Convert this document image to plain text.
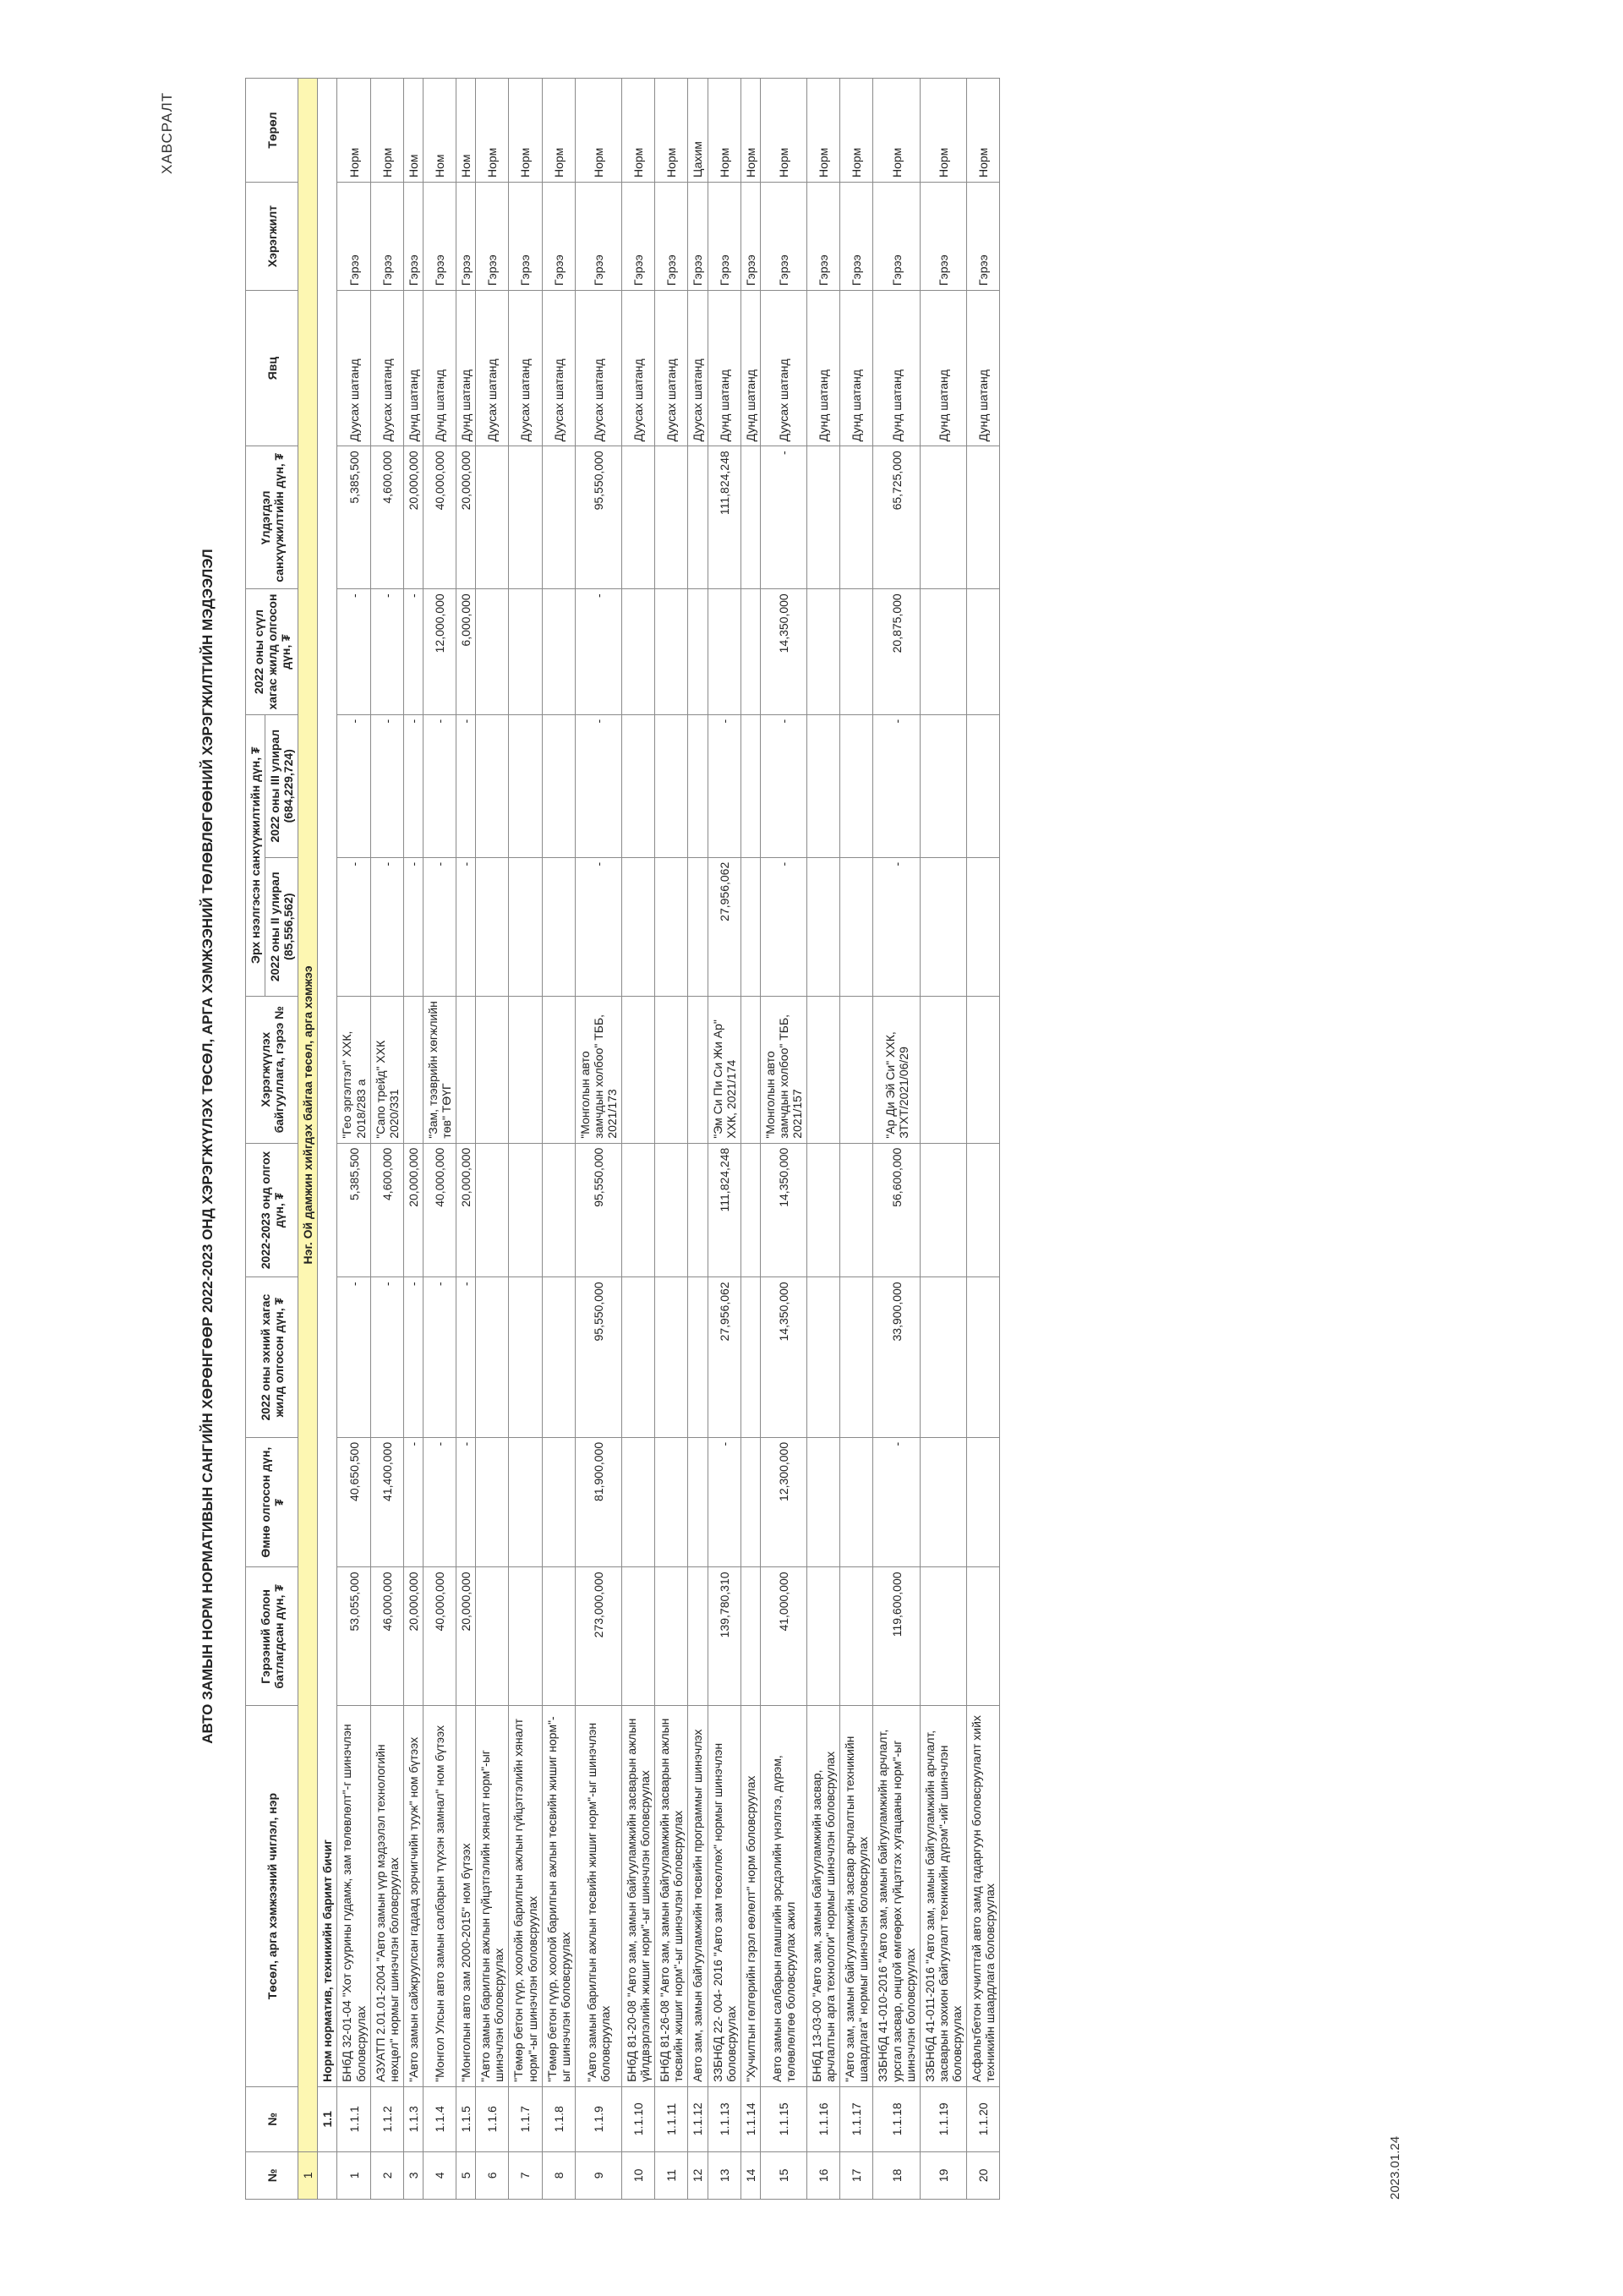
2023.01.24
ХАВСРАЛТ
АВТО ЗАМЫН НОРМ НОРМАТИВЫН САНГИЙН ХӨРӨНГӨӨР 2022-2023 ОНД ХЭРЭГЖҮҮЛЭХ ТӨСӨЛ, АРГА ХЭМЖЭЭНИЙ ТӨЛӨВЛӨГӨӨНИЙ ХЭРЭГЖИЛТИЙН МЭДЭЭЛЭЛ
№	№	Төсөл, арга хэмжээний чиглэл, нэр	Гэрээний болон батлагдсан дүн, ₮	Өмнө олгосон дүн, ₮	2022 оны эхний хагас жилд олгосон дүн, ₮	2022-2023 онд олгох дүн, ₮	Хэрэгжүүлэх байгууллага, гэрээ №	Эрх нээлгэсэн санхүүжилтийн дүн, ₮		2022 оны сүүл хагас жилд олгосон дүн, ₮	Үлдэгдэл санхүүжилтийн дүн, ₮	Явц	Хэрэгжилт	Төрөл
								2022 оны II улирал (85,556,562)	2022 оны III улирал (684,229,724)					
1	Нэг. Ой дамжин хийгдэх байгаа төсөл, арга хэмжээ													
	1.1	Норм норматив, техникийн баримт бичиг												
1	1.1.1	БНбД 32-01-04 "Хот суурины гудамж, зам төлөвлөлт"-г шинэчлэн боловсруулах	53,055,000	40,650,500	-	5,385,500	"Гео эргэлтэл" ХХК, 2018/283 а	-	-	-	5,385,500	Дуусах шатанд	Гэрээ	Норм
2	1.1.2	АЗУАТП 2.01.01-2004 "Авто замын үүр мэдээлэл технологийн нөхцөл" нормыг шинэчлэн боловсруулах	46,000,000	41,400,000	-	4,600,000	"Сапо трейд" ХХК 2020/331	-	-	-	4,600,000	Дуусах шатанд	Гэрээ	Норм
3	1.1.3	"Авто замын сайжруулсан гадаад зорчигчийн тууж" ном бүтээх	20,000,000	-	-	20,000,000		-	-	-	20,000,000	Дунд шатанд	Гэрээ	Ном
4	1.1.4	"Монгол Улсын авто замын салбарын түүхэн замнал" ном бүтээх	40,000,000	-	-	40,000,000	"Зам, тээврийн хөгжлийн төв" ТӨҮГ	-	-	12,000,000	40,000,000	Дунд шатанд	Гэрээ	Ном
5	1.1.5	"Монголын авто зам 2000-2015" ном бүтээх	20,000,000	-	-	20,000,000		-	-	6,000,000	20,000,000	Дунд шатанд	Гэрээ	Ном
6	1.1.6	"Авто замын барилгын ажлын гүйцэтгэлийн хяналт норм"-ыг шинэчлэн боловсруулах										Дуусах шатанд	Гэрээ	Норм
7	1.1.7	"Төмөр бетон гүүр, хоолойн барилгын ажлын гүйцэтгэлийн хяналт норм"-ыг шинэчлэн боловсруулах										Дуусах шатанд	Гэрээ	Норм
8	1.1.8	"Төмөр бетон гүүр, хоолой барилгын ажлын төсвийн жишиг норм"-ыг шинэчлэн боловсруулах										Дуусах шатанд	Гэрээ	Норм
9	1.1.9	"Авто замын барилгын ажлын төсвийн жишиг норм"-ыг шинэчлэн боловсруулах	273,000,000	81,900,000	95,550,000	95,550,000	"Монголын авто замчдын холбоо" ТББ, 2021/173	-	-	-	95,550,000	Дуусах шатанд	Гэрээ	Норм
10	1.1.10	БНбД 81-20-08 "Авто зам, замын байгууламжийн засварын ажлын үйлдвэрлэлийн жишиг норм"-ыг шинэчлэн боловсруулах										Дуусах шатанд	Гэрээ	Норм
11	1.1.11	БНбД 81-26-08 "Авто зам, замын байгууламжийн засварын ажлын төсвийн жишиг норм"-ыг шинэчлэн боловсруулах										Дуусах шатанд	Гэрээ	Норм
12	1.1.12	Авто зам, замын байгууламжийн төсвийн программыг шинэчлэх										Дуусах шатанд	Гэрээ	Цахим
13	1.1.13	ЗЗБНбД 22- 004- 2016 "Авто зам төсөллөх" нормыг шинэчлэн боловсруулах	139,780,310	-	27,956,062	111,824,248	"Эм Си Пи Си Жи Ар" ХХК, 2021/174	27,956,062	-		111,824,248	Дунд шатанд	Гэрээ	Норм
14	1.1.14	"Хучилтын гөлгөрийн гэрэл өөлөлт" норм боловсруулах										Дунд шатанд	Гэрээ	Норм
15	1.1.15	Авто замын салбарын гамшгийн эрсдэлийн үнэлгээ, дүрэм, төлөвлөлгөө боловсруулах ажил	41,000,000	12,300,000	14,350,000	14,350,000	"Монголын авто замчдын холбоо" ТББ, 2021/157	-	-	14,350,000	-	Дуусах шатанд	Гэрээ	Норм
16	1.1.16	БНбД 13-03-00 "Авто зам, замын байгууламжийн засвар, арчлалтын арга технологи" нормыг шинэчлэн боловсруулах										Дунд шатанд	Гэрээ	Норм
17	1.1.17	"Авто зам, замын байгууламжийн засвар арчлалтын техникийн шаардлага" нормыг шинэчлэн боловсруулах										Дунд шатанд	Гэрээ	Норм
18	1.1.18	ЗЗБНбД 41-010-2016 "Авто зам, замын байгууламжийн арчлалт, урсгал засвар, онцгой өмгөөрөх гүйцэтгэх хугацааны норм"-ыг шинэчлэн боловсруулах	119,600,000	-	33,900,000	56,600,000	"Ар Ди Эй Си" ХХК, ЗТХТ/2021/06/29	-	-	20,875,000	65,725,000	Дунд шатанд	Гэрээ	Норм
19	1.1.19	ЗЗБНбД 41-011-2016 "Авто зам, замын байгууламжийн арчлалт, засварын зохион байгуулалт техникийн дүрэм"-ийг шинэчлэн боловсруулах										Дунд шатанд	Гэрээ	Норм
20	1.1.20	Асфальтбетон хучилттай авто замд гадаргуун боловсруулалт хийх техникийн шаардлага боловсруулах										Дунд шатанд	Гэрээ	Норм
